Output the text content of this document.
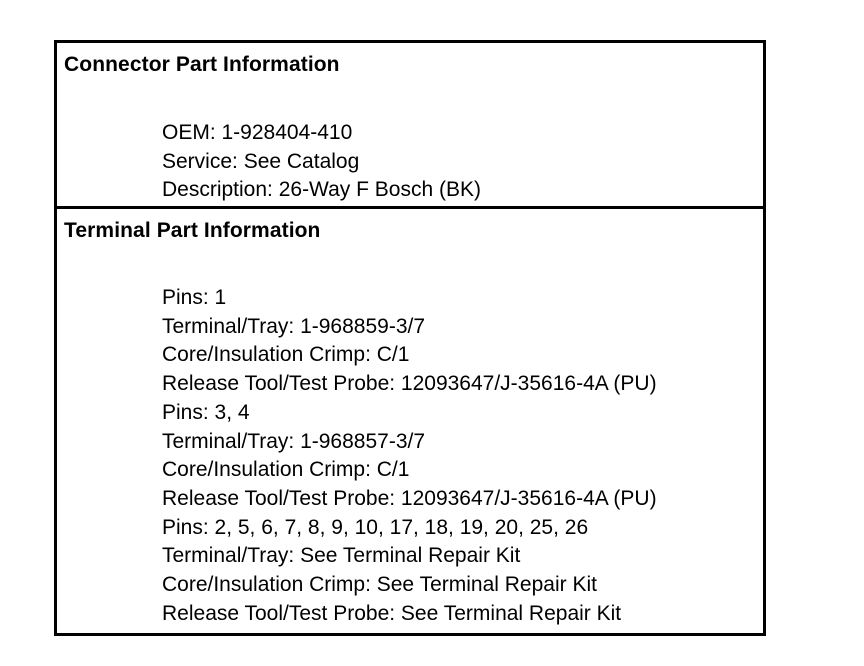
Connector Part Information
OEM: 1-928404-410
Service: See Catalog
Description: 26-Way F Bosch (BK)
Terminal Part Information
Pins: 1
Terminal/Tray: 1-968859-3/7
Core/Insulation Crimp: C/1
Release Tool/Test Probe: 12093647/J-35616-4A (PU)
Pins: 3, 4
Terminal/Tray: 1-968857-3/7
Core/Insulation Crimp: C/1
Release Tool/Test Probe: 12093647/J-35616-4A (PU)
Pins: 2, 5, 6, 7, 8, 9, 10, 17, 18, 19, 20, 25, 26
Terminal/Tray: See Terminal Repair Kit
Core/Insulation Crimp: See Terminal Repair Kit
Release Tool/Test Probe: See Terminal Repair Kit
